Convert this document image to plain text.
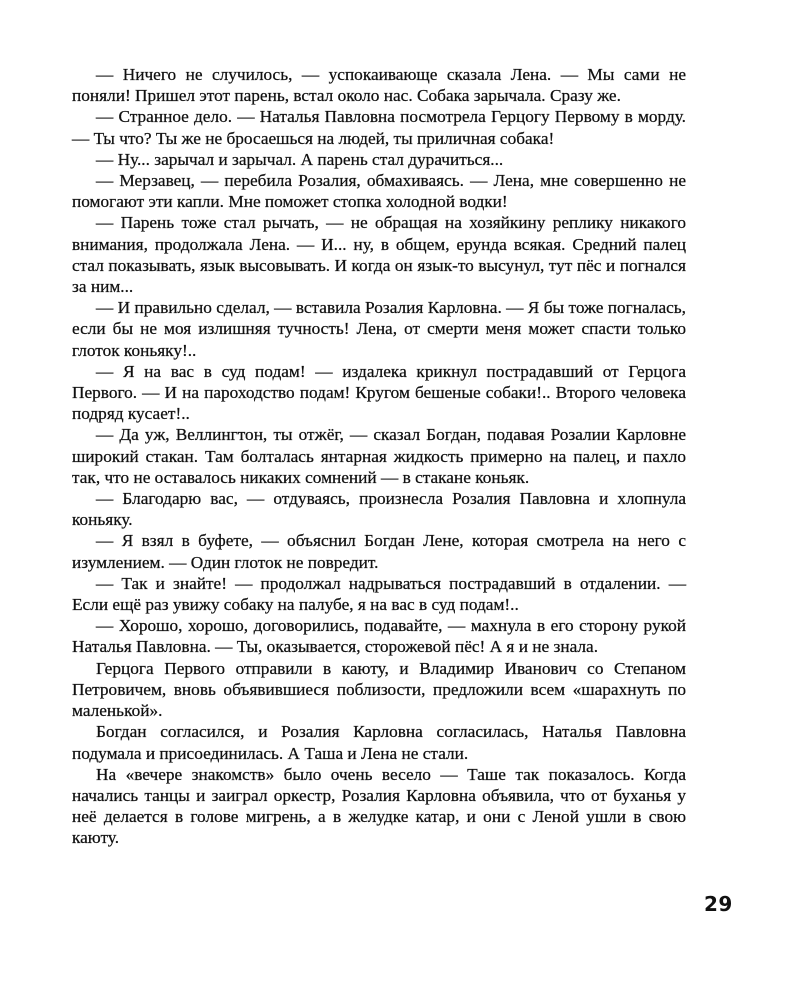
— Ничего не случилось, — успокаивающе сказала Лена. — Мы сами не поняли! Пришел этот парень, встал около нас. Собака зарычала. Сразу же.

— Странное дело. — Наталья Павловна посмотрела Герцогу Первому в морду. — Ты что? Ты же не бросаешься на людей, ты приличная собака!

— Ну... зарычал и зарычал. А парень стал дурачиться...

— Мерзавец, — перебила Розалия, обмахиваясь. — Лена, мне совершенно не помогают эти капли. Мне поможет стопка холодной водки!

— Парень тоже стал рычать, — не обращая на хозяйкину реплику никакого внимания, продолжала Лена. — И... ну, в общем, ерунда всякая. Средний палец стал показывать, язык высовывать. И когда он язык-то высунул, тут пёс и погнался за ним...

— И правильно сделал, — вставила Розалия Карловна. — Я бы тоже погналась, если бы не моя излишняя тучность! Лена, от смерти меня может спасти только глоток коньяку!..

— Я на вас в суд подам! — издалека крикнул пострадавший от Герцога Первого. — И на пароходство подам! Кругом бешеные собаки!.. Второго человека подряд кусает!..

— Да уж, Веллингтон, ты отжёг, — сказал Богдан, подавая Розалии Карловне широкий стакан. Там болталась янтарная жидкость примерно на палец, и пахло так, что не оставалось никаких сомнений — в стакане коньяк.

— Благодарю вас, — отдуваясь, произнесла Розалия Павловна и хлопнула коньяку.

— Я взял в буфете, — объяснил Богдан Лене, которая смотрела на него с изумлением. — Один глоток не повредит.

— Так и знайте! — продолжал надрываться пострадавший в отдалении. — Если ещё раз увижу собаку на палубе, я на вас в суд подам!..

— Хорошо, хорошо, договорились, подавайте, — махнула в его сторону рукой Наталья Павловна. — Ты, оказывается, сторожевой пёс! А я и не знала.

Герцога Первого отправили в каюту, и Владимир Иванович со Степаном Петровичем, вновь объявившиеся поблизости, предложили всем «шарахнуть по маленькой».

Богдан согласился, и Розалия Карловна согласилась, Наталья Павловна подумала и присоединилась. А Таша и Лена не стали.

На «вечере знакомств» было очень весело — Таше так показалось. Когда начались танцы и заиграл оркестр, Розалия Карловна объявила, что от буханья у неё делается в голове мигрень, а в желудке катар, и они с Леной ушли в свою каюту.

29
